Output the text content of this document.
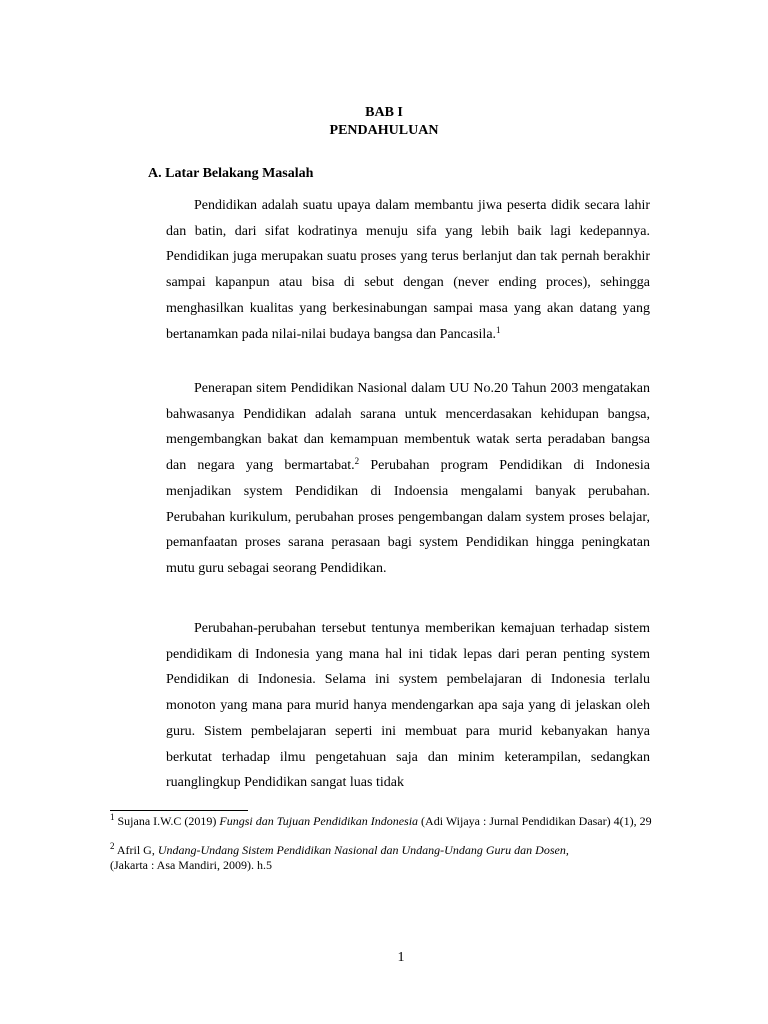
BAB I
PENDAHULUAN
A. Latar Belakang Masalah
Pendidikan adalah suatu upaya dalam membantu jiwa peserta didik secara lahir dan batin, dari sifat kodratinya menuju sifa yang lebih baik lagi kedepannya. Pendidikan juga merupakan suatu proses yang terus berlanjut dan tak pernah berakhir sampai kapanpun atau bisa di sebut dengan (never ending proces), sehingga menghasilkan kualitas yang berkesinabungan sampai masa yang akan datang yang bertanamkan pada nilai-nilai budaya bangsa dan Pancasila.$^1$
Penerapan sitem Pendidikan Nasional dalam UU No.20 Tahun 2003 mengatakan bahwasanya Pendidikan adalah sarana untuk mencerdasakan kehidupan bangsa, mengembangkan bakat dan kemampuan membentuk watak serta peradaban bangsa dan negara yang bermartabat.$^2$ Perubahan program Pendidikan di Indonesia menjadikan system Pendidikan di Indoensia mengalami banyak perubahan. Perubahan kurikulum, perubahan proses pengembangan dalam system proses belajar, pemanfaatan proses sarana perasaan bagi system Pendidikan hingga peningkatan mutu guru sebagai seorang Pendidikan.
Perubahan-perubahan tersebut tentunya memberikan kemajuan terhadap sistem pendidikam di Indonesia yang mana hal ini tidak lepas dari peran penting system Pendidikan di Indonesia. Selama ini system pembelajaran di Indonesia terlalu monoton yang mana para murid hanya mendengarkan apa saja yang di jelaskan oleh guru. Sistem pembelajaran seperti ini membuat para murid kebanyakan hanya berkutat terhadap ilmu pengetahuan saja dan minim keterampilan, sedangkan ruanglingkup Pendidikan sangat luas tidak
$^1$ Sujana I.W.C (2019) Fungsi dan Tujuan Pendidikan Indonesia (Adi Wijaya : Jurnal Pendidikan Dasar) 4(1), 29
$^2$ Afril G, Undang-Undang Sistem Pendidikan Nasional dan Undang-Undang Guru dan Dosen,
(Jakarta : Asa Mandiri, 2009). h.5
1
